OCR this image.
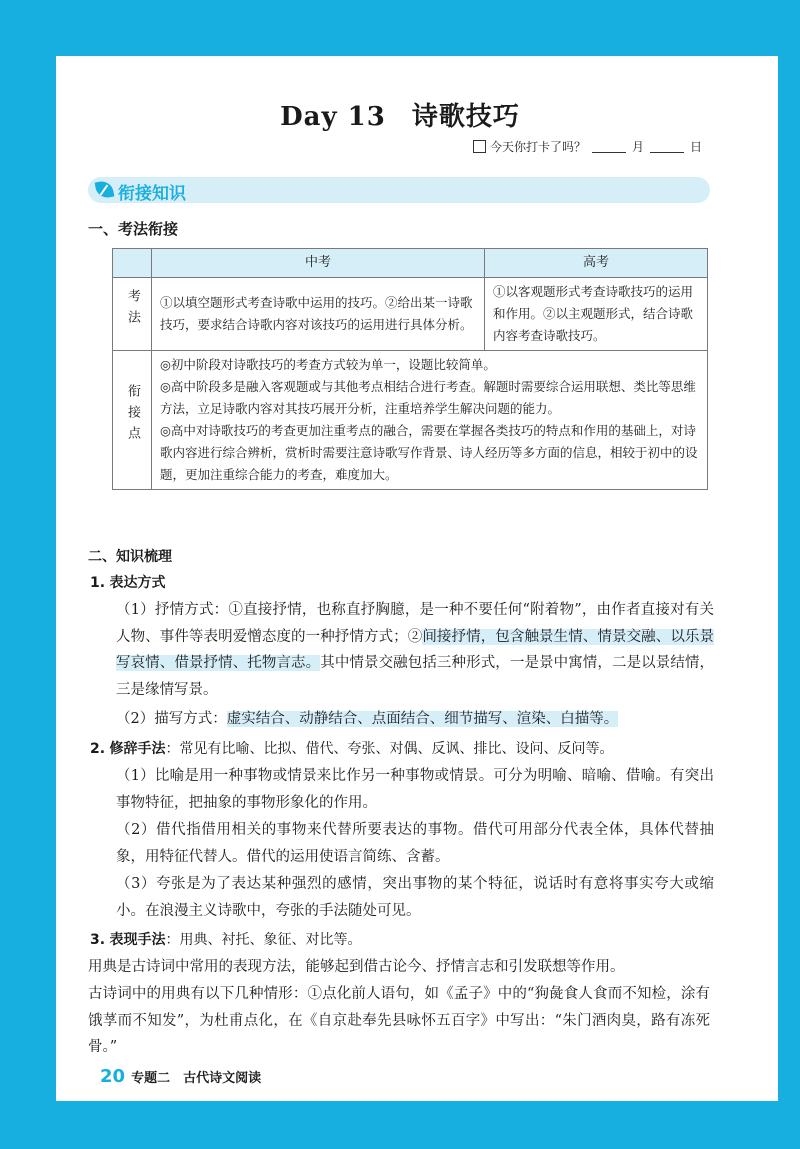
Day 13 诗歌技巧
今天你打卡了吗？	月	日
衔接知识
一、考法衔接
	中考	高考
考法	①以填空题形式考查诗歌中运用的技巧。②给出某一诗歌技巧，要求结合诗歌内容对该技巧的运用进行具体分析。	①以客观题形式考查诗歌技巧的运用和作用。②以主观题形式，结合诗歌内容考查诗歌技巧。
衔接点	◎初中阶段对诗歌技巧的考查方式较为单一，设题比较简单。
◎高中阶段多是融入客观题或与其他考点相结合进行考查。解题时需要综合运用联想、类比等思维方法，立足诗歌内容对其技巧展开分析，注重培养学生解决问题的能力。
◎高中对诗歌技巧的考查更加注重考点的融合，需要在掌握各类技巧的特点和作用的基础上，对诗歌内容进行综合辨析，赏析时需要注意诗歌写作背景、诗人经历等多方面的信息，相较于初中的设题，更加注重综合能力的考查，难度加大。	
二、知识梳理
1. 表达方式
（1）抒情方式：①直接抒情，也称直抒胸臆，是一种不要任何“附着物”，由作者直接对有关人物、事件等表明爱憎态度的一种抒情方式；②间接抒情，包含触景生情、情景交融、以乐景写哀情、借景抒情、托物言志。其中情景交融包括三种形式，一是景中寓情，二是以景结情，三是缘情写景。
（2）描写方式：虚实结合、动静结合、点面结合、细节描写、渲染、白描等。
2. 修辞手法：常见有比喻、比拟、借代、夸张、对偶、反讽、排比、设问、反问等。
（1）比喻是用一种事物或情景来比作另一种事物或情景。可分为明喻、暗喻、借喻。有突出事物特征，把抽象的事物形象化的作用。
（2）借代指借用相关的事物来代替所要表达的事物。借代可用部分代表全体，具体代替抽象，用特征代替人。借代的运用使语言简练、含蓄。
（3）夸张是为了表达某种强烈的感情，突出事物的某个特征，说话时有意将事实夸大或缩小。在浪漫主义诗歌中，夸张的手法随处可见。
3. 表现手法：用典、衬托、象征、对比等。
用典是古诗词中常用的表现方法，能够起到借古论今、抒情言志和引发联想等作用。
古诗词中的用典有以下几种情形：①点化前人语句，如《孟子》中的“狗彘食人食而不知检，涂有饿莩而不知发”，为杜甫点化，在《自京赴奉先县咏怀五百字》中写出：“朱门酒肉臭，路有冻死骨。”
20 专题二　古代诗文阅读
